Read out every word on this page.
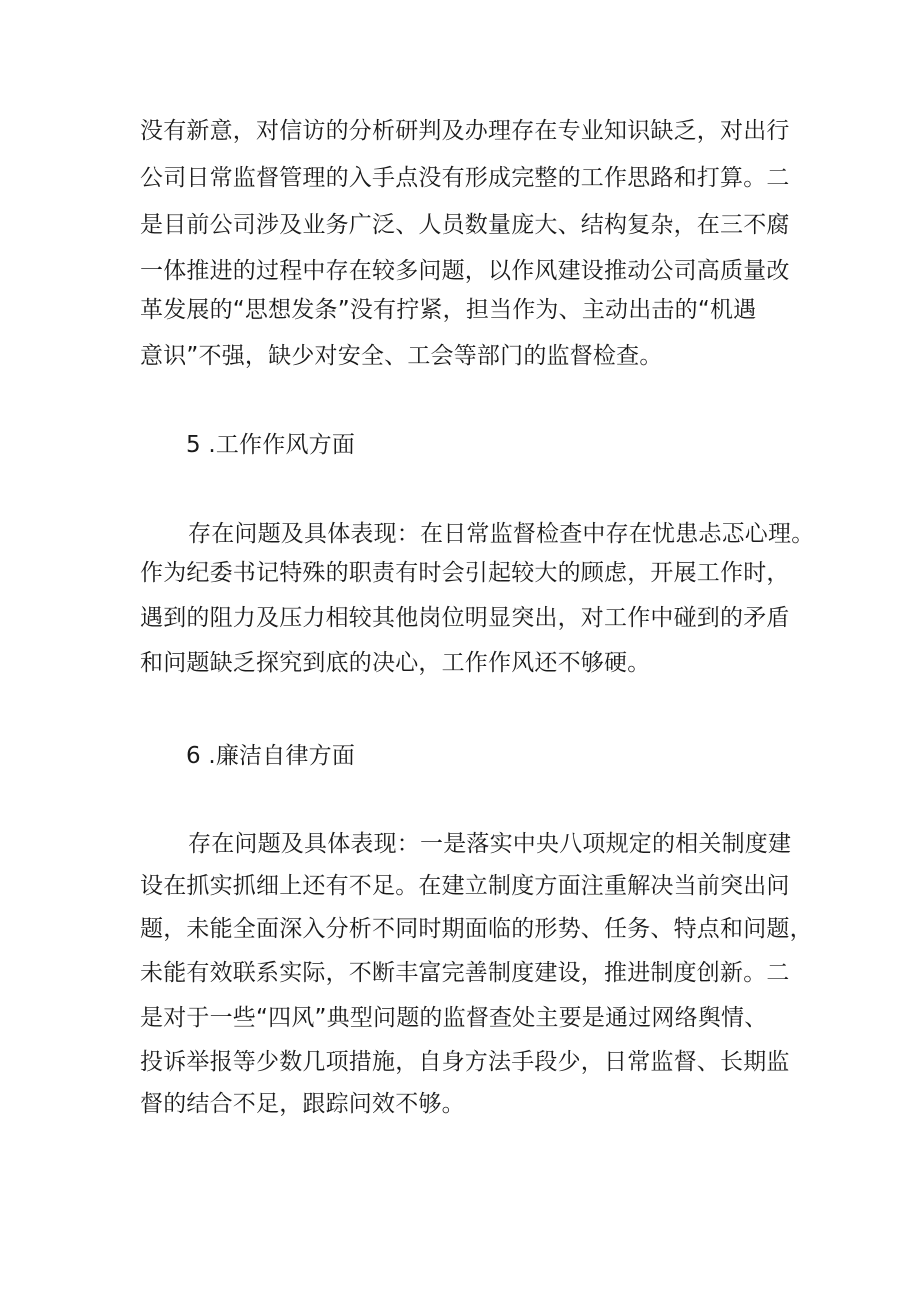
没有新意，对信访的分析研判及办理存在专业知识缺乏，对出行
公司日常监督管理的入手点没有形成完整的工作思路和打算。二
是目前公司涉及业务广泛、人员数量庞大、结构复杂，在三不腐
一体推进的过程中存在较多问题，以作风建设推动公司高质量改
革发展的“思想发条”没有拧紧，担当作为、主动出击的“机遇
意识”不强，缺少对安全、工会等部门的监督检查。
5 .工作作风方面
存在问题及具体表现：在日常监督检查中存在忧患忐忑心理。
作为纪委书记特殊的职责有时会引起较大的顾虑，开展工作时，
遇到的阻力及压力相较其他岗位明显突出，对工作中碰到的矛盾
和问题缺乏探究到底的决心，工作作风还不够硬。
6 .廉洁自律方面
存在问题及具体表现：一是落实中央八项规定的相关制度建
设在抓实抓细上还有不足。在建立制度方面注重解决当前突出问
题，未能全面深入分析不同时期面临的形势、任务、特点和问题，
未能有效联系实际，不断丰富完善制度建设，推进制度创新。二
是对于一些“四风”典型问题的监督查处主要是通过网络舆情、
投诉举报等少数几项措施，自身方法手段少，日常监督、长期监
督的结合不足，跟踪问效不够。
